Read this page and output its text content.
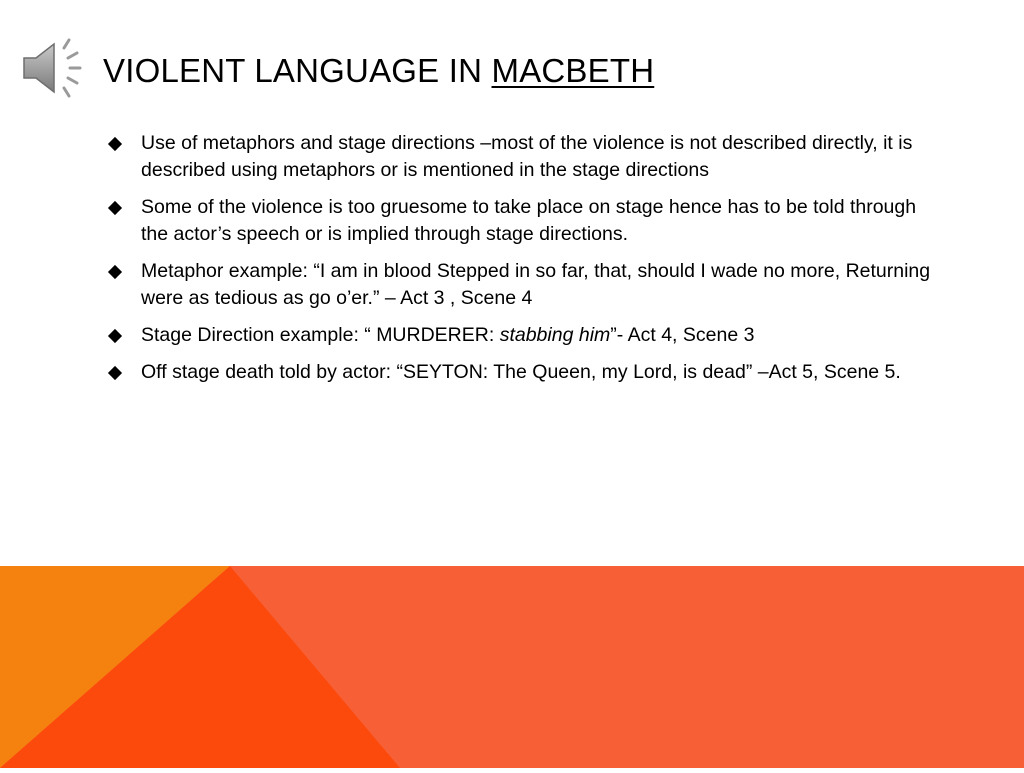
VIOLENT LANGUAGE IN MACBETH
Use of metaphors and stage directions –most of the violence is not described directly, it is described using metaphors or is mentioned in the stage directions
Some of the violence is too gruesome to take place on stage hence has to be told through the actor’s speech or is implied through stage directions.
Metaphor example: “I am in blood Stepped in so far, that, should I wade no more, Returning were as tedious as go o’er.” – Act 3 , Scene 4
Stage Direction example: “ MURDERER: stabbing him”- Act 4, Scene 3
Off stage death told by actor: “SEYTON: The Queen, my Lord, is dead” –Act 5, Scene 5.
